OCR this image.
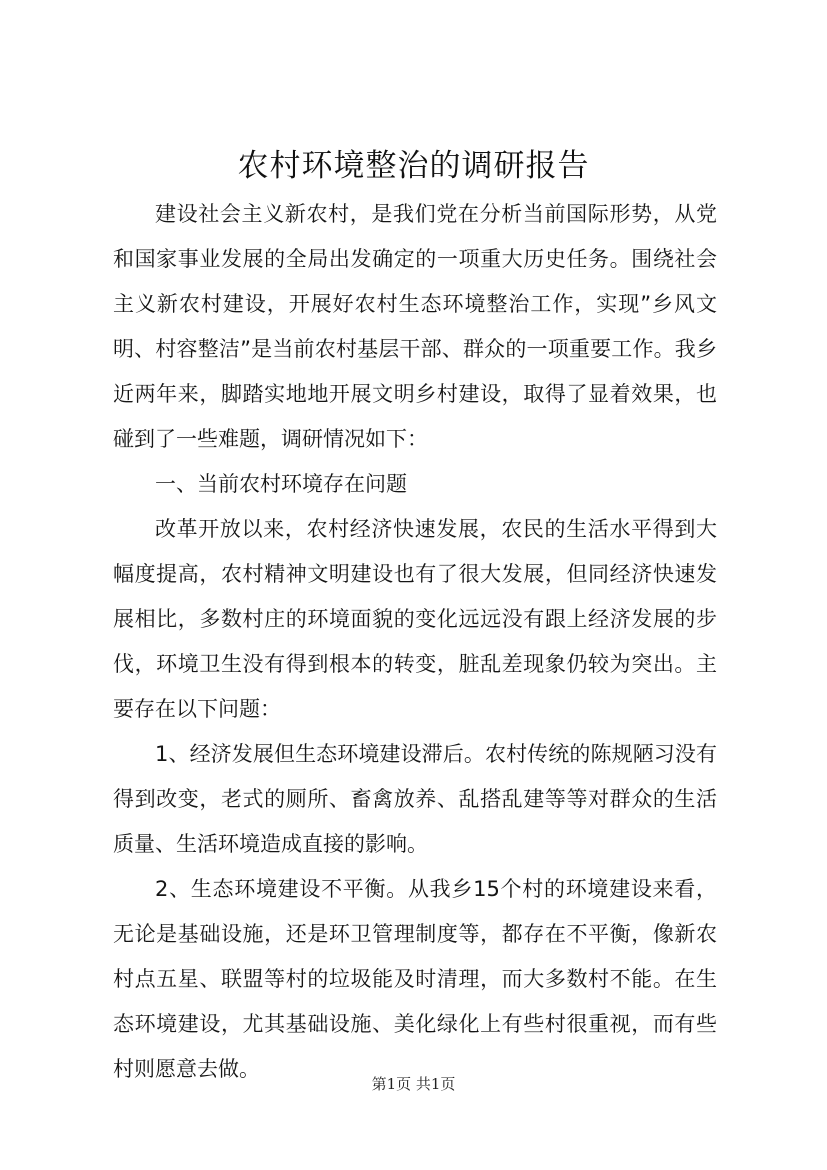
农村环境整治的调研报告

建设社会主义新农村，是我们党在分析当前国际形势，从党和国家事业发展的全局出发确定的一项重大历史任务。围绕社会主义新农村建设，开展好农村生态环境整治工作，实现”乡风文明、村容整洁”是当前农村基层干部、群众的一项重要工作。我乡近两年来，脚踏实地地开展文明乡村建设，取得了显着效果，也碰到了一些难题，调研情况如下：

一、当前农村环境存在问题

改革开放以来，农村经济快速发展，农民的生活水平得到大幅度提高，农村精神文明建设也有了很大发展，但同经济快速发展相比，多数村庄的环境面貌的变化远远没有跟上经济发展的步伐，环境卫生没有得到根本的转变，脏乱差现象仍较为突出。主要存在以下问题：

1、经济发展但生态环境建设滞后。农村传统的陈规陋习没有得到改变，老式的厕所、畜禽放养、乱搭乱建等等对群众的生活质量、生活环境造成直接的影响。

2、生态环境建设不平衡。从我乡15个村的环境建设来看，无论是基础设施，还是环卫管理制度等，都存在不平衡，像新农村点五星、联盟等村的垃圾能及时清理，而大多数村不能。在生态环境建设，尤其基础设施、美化绿化上有些村很重视，而有些村则愿意去做。

第1页 共1页
